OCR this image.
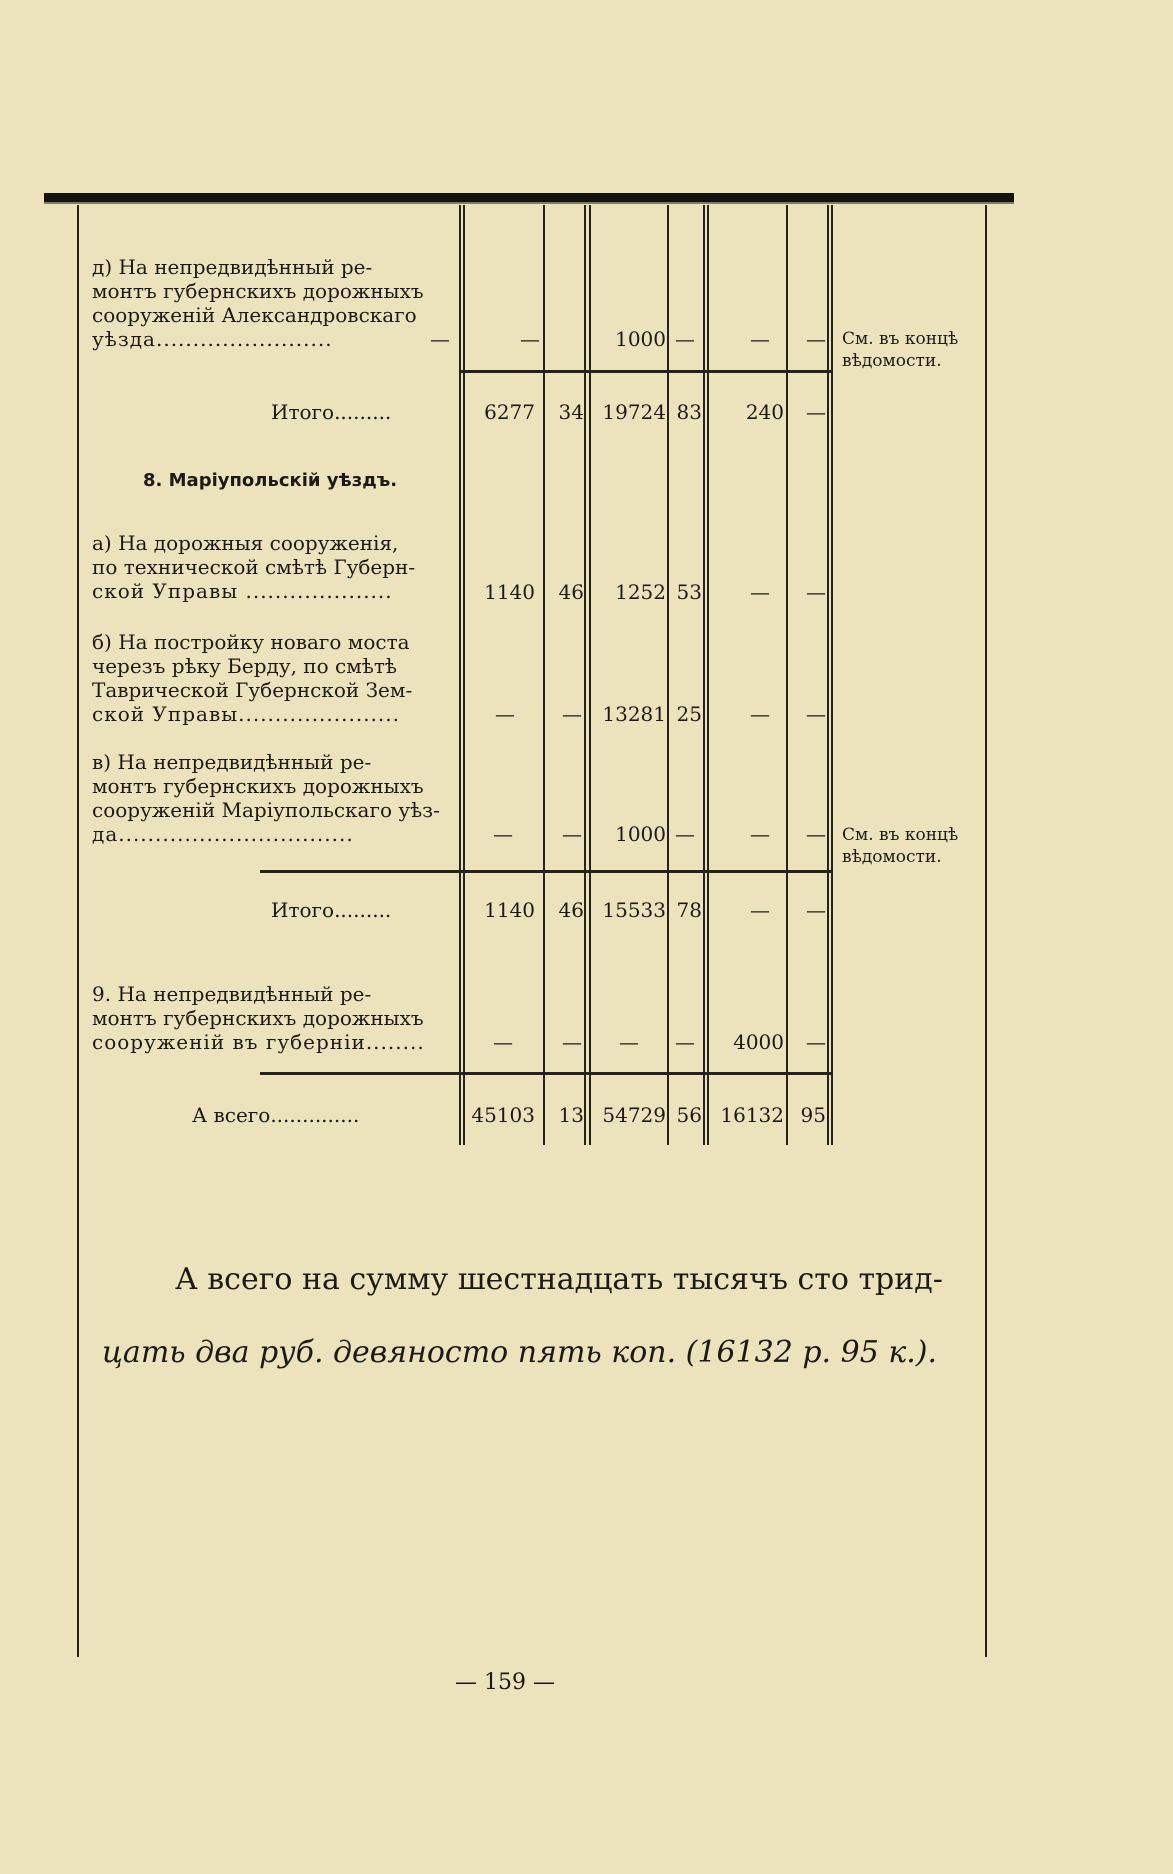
д) На непредвидѣнный ре-
монтъ губернскихъ дорожныхъ
сооруженій Александровскаго
уѣзда........................	—	—	1000 —	— — См. въ концѣ
вѣдомости.
Итого.........	6277 34 19724 83 240 —
8. Маріупольскій уѣздъ.
а) На дорожныя сооруженія,
по технической смѣтѣ Губерн-
ской Управы ....................	1140 46 1252 53 — —
б) На постройку новаго моста
черезъ рѣку Берду, по смѣтѣ
Таврической Губернской Зем-
ской Управы......................	— — 13281 25 — —
в) На непредвидѣнный ре-
монтъ губернскихъ дорожныхъ
сооруженій Маріупольскаго уѣз-
да................................	— — 1000 —	— — См. въ концѣ
вѣдомости.
Итого.........	1140 46 15533 78 — —
9. На непредвидѣнный ре-
монтъ губернскихъ дорожныхъ
сооруженій въ губерніи........	— — — — 4000 —
А всего..............	45103 13 54729 56 16132 95
А всего на сумму шестнадцать тысячъ сто трид-
цать два руб. девяносто пять коп. (16132 р. 95 к.).
— 159 —
